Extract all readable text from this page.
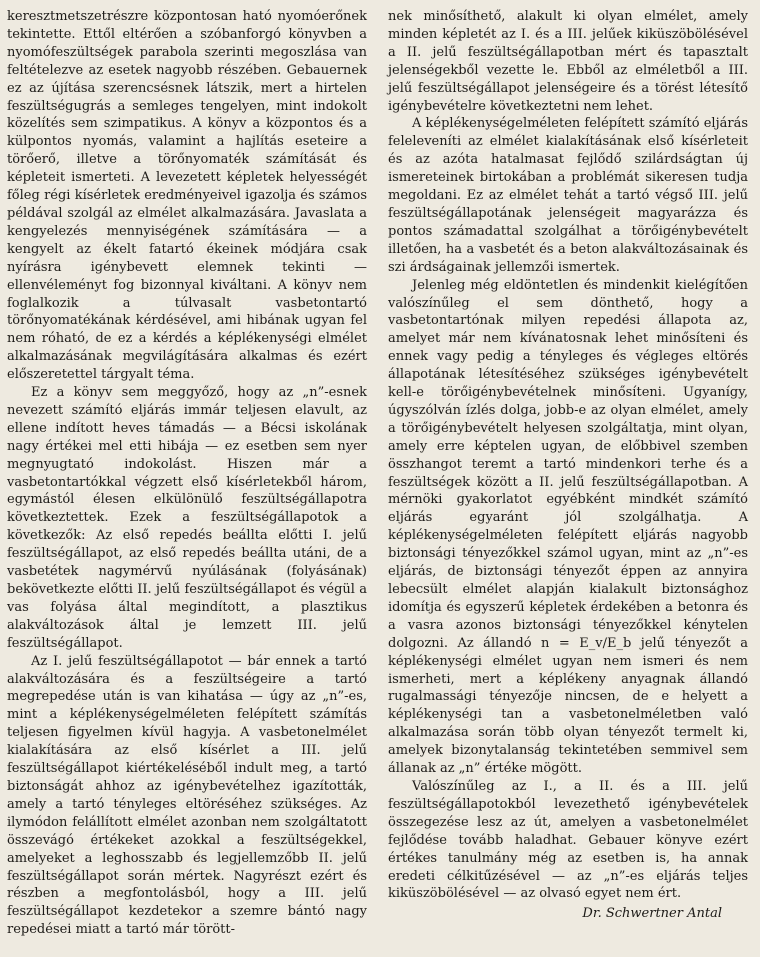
keresztmetszetrészre központosan ható nyomóerőnek tekintette. Ettől eltérően a szóbanforgó könyvben a nyomófeszültségek parabola szerinti megoszlása van feltételezve az esetek nagyobb részében. Gebauernek ez az újítása szerencsésnek látszik, mert a hirtelen feszültségugrás a semleges tengelyen, mint indokolt közelítés sem szimpatikus. A könyv a központos és a külpontos nyomás, valamint a hajlítás eseteire a törőerő, illetve a törőnyomaték számítását és képleteit ismerteti. A levezetett képletek helyességét főleg régi kísérletek eredményeivel igazolja és számos példával szolgál az elmélet alkalmazására. Javaslata a kengyelezés mennyiségének számítására — a kengyelt az ékelt fatartó ékeinek módjára csak nyírásra igénybevett elemnek tekinti — ellenvéleményt fog bizonnyal kiváltani. A könyv nem foglalkozik a túlvasalt vasbetontartó törőnyomatékának kérdésével, ami hibának ugyan fel nem róható, de ez a kérdés a képlékenységi elmélet alkalmazásának megvilágítására alkalmas és ezért előszeretettel tárgyalt téma.

Ez a könyv sem meggyőző, hogy az „n”-esnek nevezett számító eljárás immár teljesen elavult, az ellene indított heves támadás — a Bécsi iskolának nagy értékei mel etti hibája — ez esetben sem nyer megnyugtató indokolást. Hiszen már a vasbetontartókkal végzett első kísérletekből három, egymástól élesen elkülönülő feszültségállapotra következtettek. Ezek a feszültségállapotok a következők: Az első repedés beállta előtti I. jelű feszültségállapot, az első repedés beállta utáni, de a vasbetétek nagymérvű nyúlásának (folyásának) bekövetkezte előtti II. jelű feszültségállapot és végül a vas folyása által megindított, a plasztikus alakváltozások által je lemzett III. jelű feszültségállapot.

Az I. jelű feszültségállapotot — bár ennek a tartó alakváltozására és a feszültségeire a tartó megrepedése után is van kihatása — úgy az „n”-es, mint a képlékenységelméleten felépített számítás teljesen figyelmen kívül hagyja. A vasbetonelmélet kialakítására az első kísérlet a III. jelű feszültségállapot kiértékeléséből indult meg, a tartó biztonságát ahhoz az igénybevételhez igazították, amely a tartó tényleges eltöréséhez szükséges. Az ilymódon felállított elmélet azonban nem szolgáltatott összevágó értékeket azokkal a feszültségekkel, amelyeket a leghosszabb és legjellemzőbb II. jelű feszültségállapot során mértek. Nagyrészt ezért és részben a megfontolásból, hogy a III. jelű feszültségállapot kezdetekor a szemre bántó nagy repedései miatt a tartó már törött-

nek minősíthető, alakult ki olyan elmélet, amely minden képletét az I. és a III. jelűek kiküszöbölésével a II. jelű feszültségállapotban mért és tapasztalt jelenségekből vezette le. Ebből az elméletből a III. jelű feszültségállapot jelenségeire és a törést létesítő igénybevételre következtetni nem lehet.

A képlékenységelméleten felépített számító eljárás feleleveníti az elmélet kialakításának első kísérleteit és az azóta hatalmasat fejlődő szilárdságtan új ismereteinek birtokában a problémát sikeresen tudja megoldani. Ez az elmélet tehát a tartó végső III. jelű feszültségállapotának jelenségeit magyarázza és pontos számadattal szolgálhat a törőigénybevételt illetően, ha a vasbetét és a beton alakváltozásainak és szi árdságainak jellemzői ismertek.

Jelenleg még eldöntetlen és mindenkit kielégítően valószínűleg el sem dönthető, hogy a vasbetontartónak milyen repedési állapota az, amelyet már nem kívánatosnak lehet minősíteni és ennek vagy pedig a tényleges és végleges eltörés állapotának létesítéséhez szükséges igénybevételt kell-e törőigénybevételnek minősíteni. Ugyanígy, úgyszólván ízlés dolga, jobb-e az olyan elmélet, amely a törőigénybevételt helyesen szolgáltatja, mint olyan, amely erre képtelen ugyan, de előbbivel szemben összhangot teremt a tartó mindenkori terhe és a feszültségek között a II. jelű feszültségállapotban. A mérnöki gyakorlatot egyébként mindkét számító eljárás egyaránt jól szolgálhatja. A képlékenységelméleten felépített eljárás nagyobb biztonsági tényezőkkel számol ugyan, mint az „n”-es eljárás, de biztonsági tényezőt éppen az annyira lebecsült elmélet alapján kialakult biztonsághoz idomítja és egyszerű képletek érdekében a betonra és a vasra azonos biztonsági tényezőkkel kénytelen dolgozni. Az állandó n = E_v/E_b jelű tényezőt a képlékenységi elmélet ugyan nem ismeri és nem ismerheti, mert a képlékeny anyagnak állandó rugalmassági tényezője nincsen, de e helyett a képlékenységi tan a vasbetonelméletben való alkalmazása során több olyan tényezőt termelt ki, amelyek bizonytalanság tekintetében semmivel sem állanak az „n” értéke mögött.

Valószínűleg az I., a II. és a III. jelű feszültségállapotokból levezethető igénybevételek összegezése lesz az út, amelyen a vasbetonelmélet fejlődése tovább haladhat. Gebauer könyve ezért értékes tanulmány még az esetben is, ha annak eredeti célkitűzésével — az „n”-es eljárás teljes kiküszöbölésével — az olvasó egyet nem ért.

Dr. Schwertner Antal
